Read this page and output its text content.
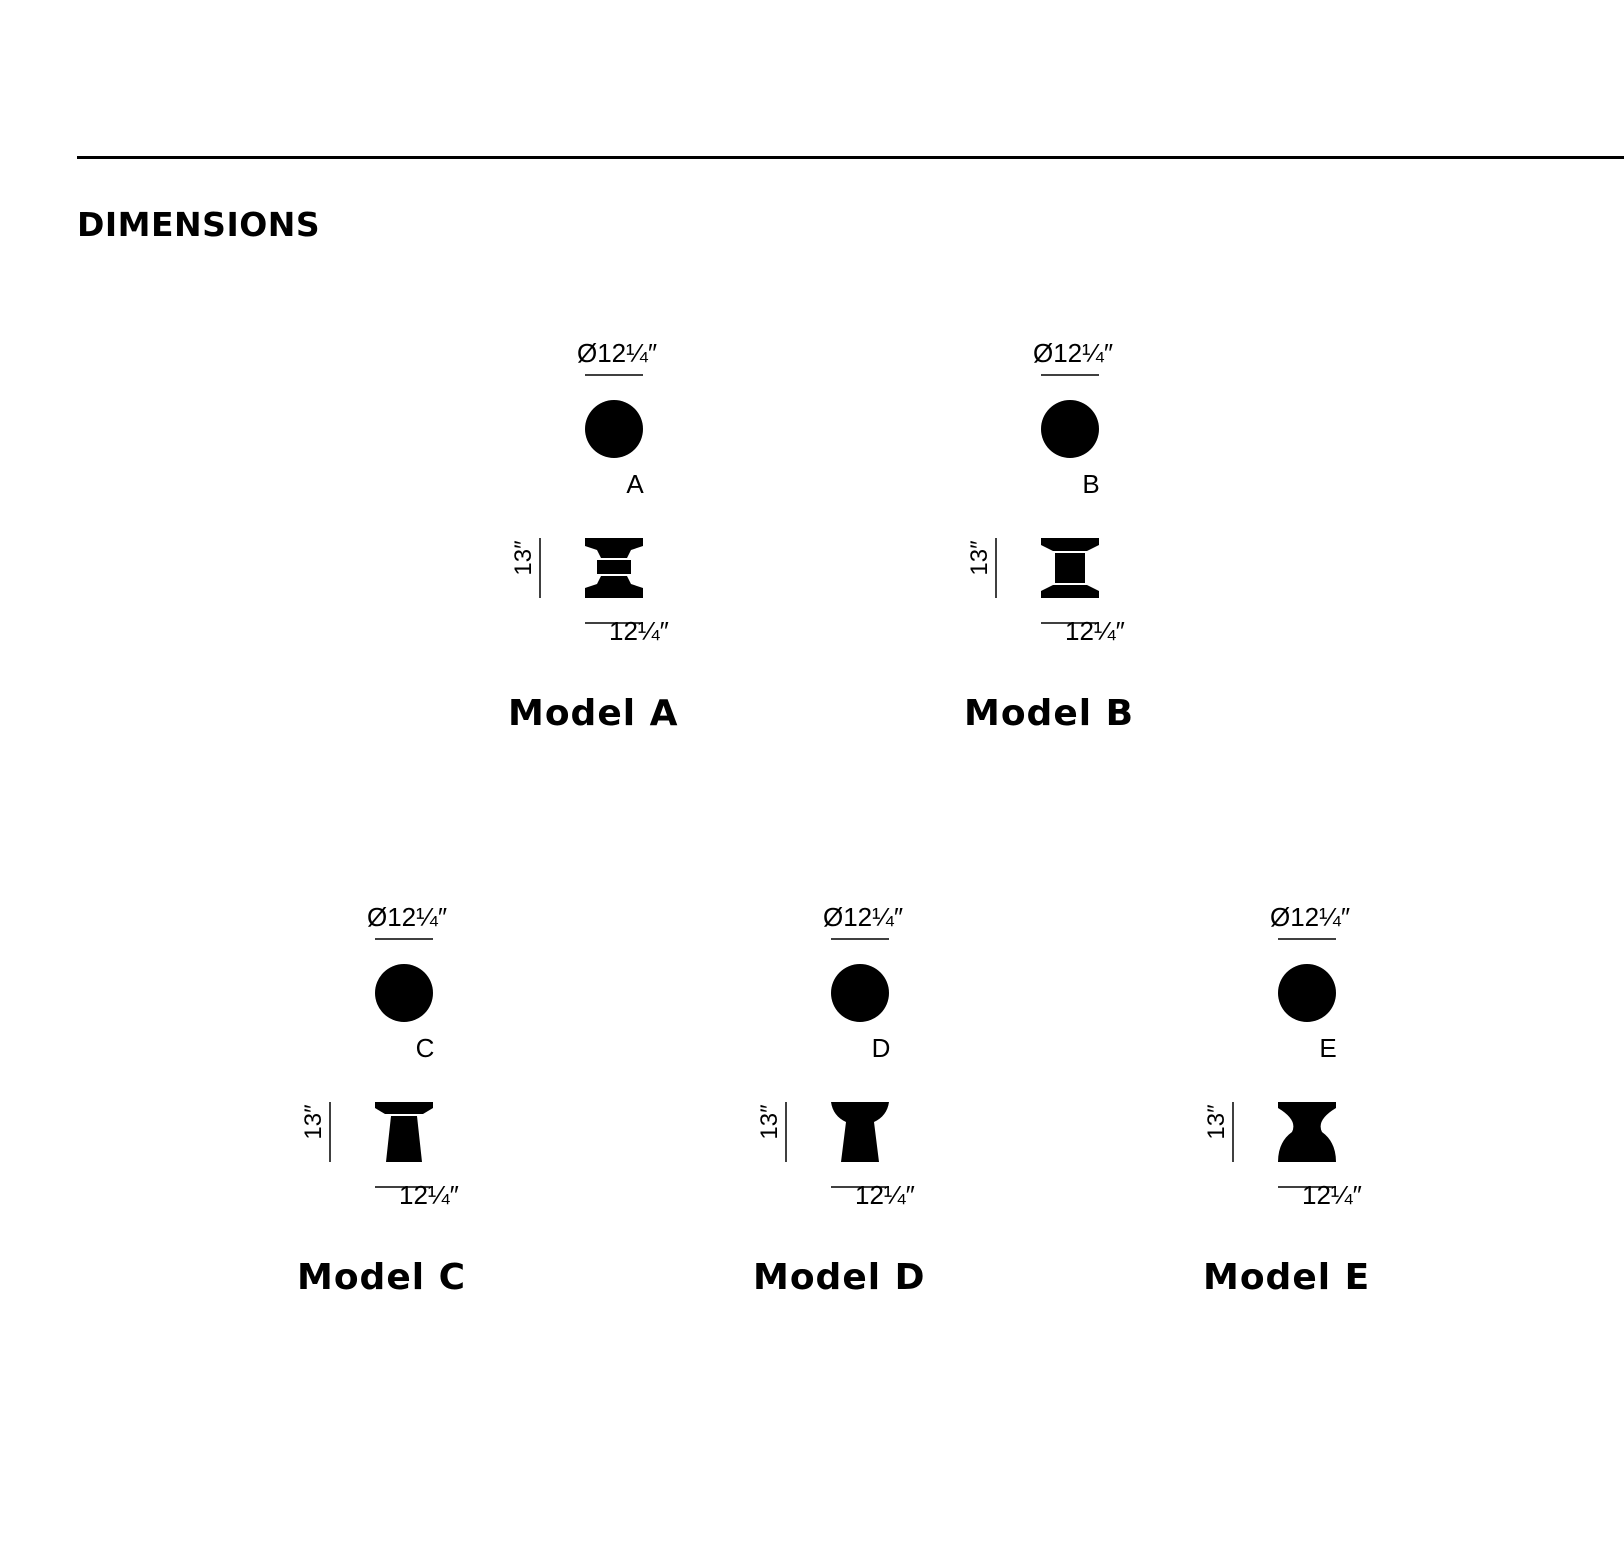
DIMENSIONS
Ø12¼″
A
13″
12¼″
Model A
Ø12¼″
B
13″
12¼″
Model B
Ø12¼″
C
13″
12¼″
Model C
Ø12¼″
D
13″
12¼″
Model D
Ø12¼″
E
13″
12¼″
Model E
